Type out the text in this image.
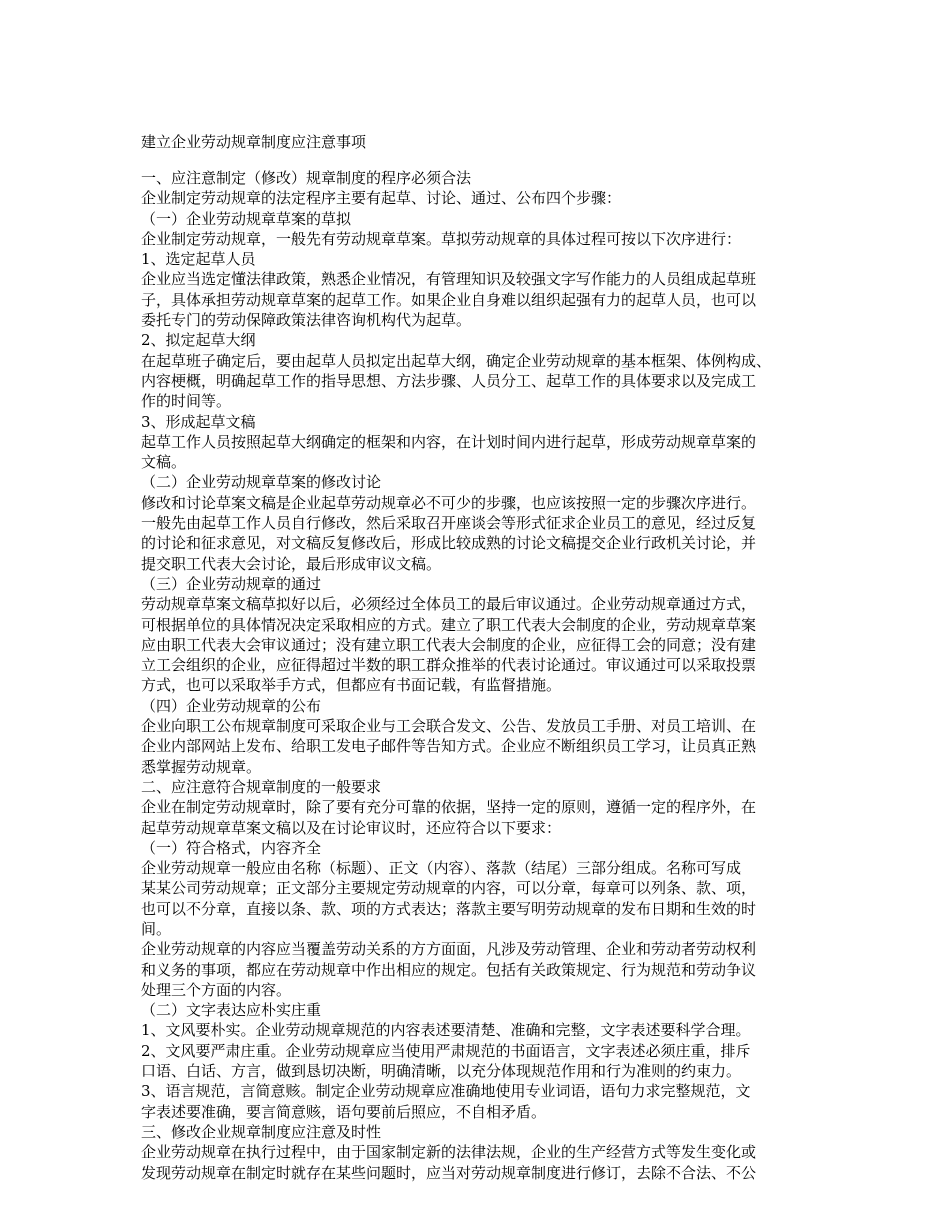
建立企业劳动规章制度应注意事项
一、应注意制定（修改）规章制度的程序必须合法
企业制定劳动规章的法定程序主要有起草、讨论、通过、公布四个步骤：
（一）企业劳动规章草案的草拟
企业制定劳动规章，一般先有劳动规章草案。草拟劳动规章的具体过程可按以下次序进行：
1、选定起草人员
企业应当选定懂法律政策，熟悉企业情况，有管理知识及较强文字写作能力的人员组成起草班
子，具体承担劳动规章草案的起草工作。如果企业自身难以组织起强有力的起草人员，也可以
委托专门的劳动保障政策法律咨询机构代为起草。
2、拟定起草大纲
在起草班子确定后，要由起草人员拟定出起草大纲，确定企业劳动规章的基本框架、体例构成、
内容梗概，明确起草工作的指导思想、方法步骤、人员分工、起草工作的具体要求以及完成工
作的时间等。
3、形成起草文稿
起草工作人员按照起草大纲确定的框架和内容，在计划时间内进行起草，形成劳动规章草案的
文稿。
（二）企业劳动规章草案的修改讨论
修改和讨论草案文稿是企业起草劳动规章必不可少的步骤，也应该按照一定的步骤次序进行。
一般先由起草工作人员自行修改，然后采取召开座谈会等形式征求企业员工的意见，经过反复
的讨论和征求意见，对文稿反复修改后，形成比较成熟的讨论文稿提交企业行政机关讨论，并
提交职工代表大会讨论，最后形成审议文稿。
（三）企业劳动规章的通过
劳动规章草案文稿草拟好以后，必须经过全体员工的最后审议通过。企业劳动规章通过方式，
可根据单位的具体情况决定采取相应的方式。建立了职工代表大会制度的企业，劳动规章草案
应由职工代表大会审议通过；没有建立职工代表大会制度的企业，应征得工会的同意；没有建
立工会组织的企业，应征得超过半数的职工群众推举的代表讨论通过。审议通过可以采取投票
方式，也可以采取举手方式，但都应有书面记载，有监督措施。
（四）企业劳动规章的公布
企业向职工公布规章制度可采取企业与工会联合发文、公告、发放员工手册、对员工培训、在
企业内部网站上发布、给职工发电子邮件等告知方式。企业应不断组织员工学习，让员真正熟
悉掌握劳动规章。
二、应注意符合规章制度的一般要求
企业在制定劳动规章时，除了要有充分可靠的依据，坚持一定的原则，遵循一定的程序外，在
起草劳动规章草案文稿以及在讨论审议时，还应符合以下要求：
（一）符合格式，内容齐全
企业劳动规章一般应由名称（标题）、正文（内容）、落款（结尾）三部分组成。名称可写成
某某公司劳动规章；正文部分主要规定劳动规章的内容，可以分章，每章可以列条、款、项，
也可以不分章，直接以条、款、项的方式表达；落款主要写明劳动规章的发布日期和生效的时
间。
企业劳动规章的内容应当覆盖劳动关系的方方面面，凡涉及劳动管理、企业和劳动者劳动权利
和义务的事项，都应在劳动规章中作出相应的规定。包括有关政策规定、行为规范和劳动争议
处理三个方面的内容。
（二）文字表达应朴实庄重
1、文风要朴实。企业劳动规章规范的内容表述要清楚、准确和完整，文字表述要科学合理。
2、文风要严肃庄重。企业劳动规章应当使用严肃规范的书面语言，文字表述必须庄重，排斥
口语、白话、方言，做到恳切决断，明确清晰，以充分体现规范作用和行为准则的约束力。
3、语言规范，言简意赅。制定企业劳动规章应准确地使用专业词语，语句力求完整规范，文
字表述要准确，要言简意赅，语句要前后照应，不自相矛盾。
三、修改企业规章制度应注意及时性
企业劳动规章在执行过程中，由于国家制定新的法律法规，企业的生产经营方式等发生变化或
发现劳动规章在制定时就存在某些问题时，应当对劳动规章制度进行修订，去除不合法、不公
